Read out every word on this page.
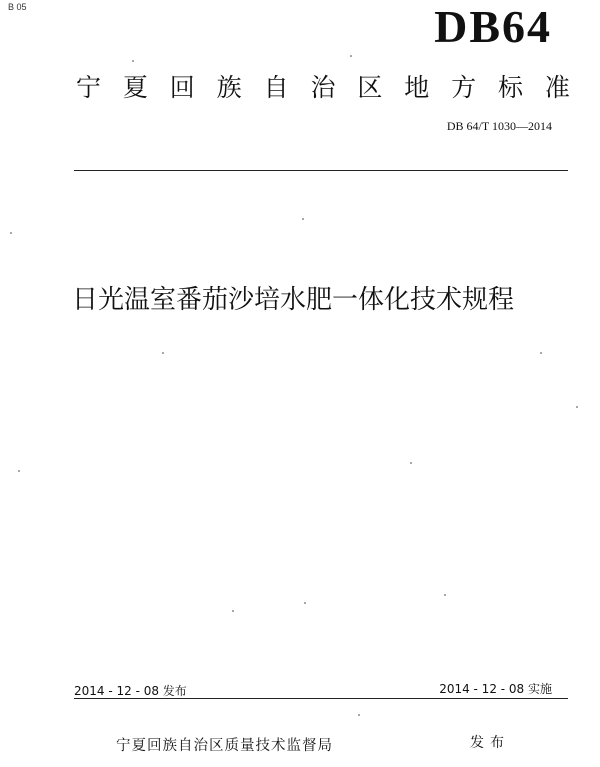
B 05	DB64
宁 夏 回 族 自 治 区 地 方 标 准
DB 64/T 1030—2014
日光温室番茄沙培水肥一体化技术规程
2014 - 12 - 08 发布	2014 - 12 - 08 实施
宁夏回族自治区质量技术监督局	发布
